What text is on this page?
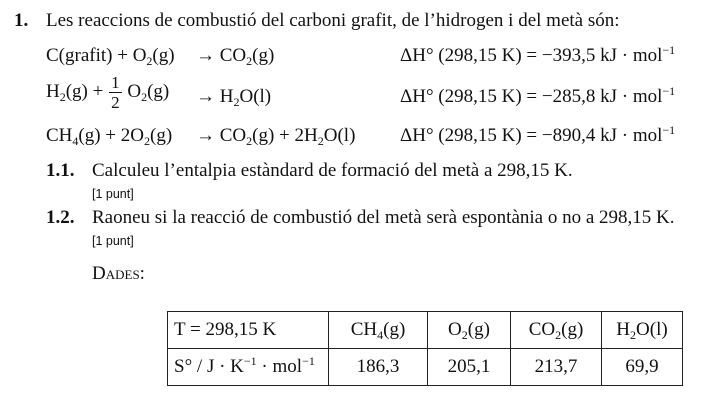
1. Les reaccions de combustió del carboni grafit, de l’hidrogen i del metà són:
C(grafit) + $O_2(g) \to CO_2(g)$	ΔH° (298,15 K) = −393,5 kJ · mol$^{-1}$
$H_2(g) + \frac{1}{2} O_2(g) \to H_2O(l)$	ΔH° (298,15 K) = −285,8 kJ · mol$^{-1}$
$CH_4(g) + 2O_2(g) \to CO_2(g) + 2H_2O(l)$ ΔH° (298,15 K) = −890,4 kJ · mol$^{-1}$
1.1. Calculeu l’entalpia estàndard de formació del metà a 298,15 K.
[1 punt]
1.2. Raoneu si la reacció de combustió del metà serà espontània o no a 298,15 K.
[1 punt]
Dades:
T = 298,15 K	$CH_4(g)$	$O_2(g)$	$CO_2(g)$	$H_2O(l)$
$S^\circ / J \cdot K^{-1} \cdot mol^{-1}$	186,3	205,1	213,7	69,9
